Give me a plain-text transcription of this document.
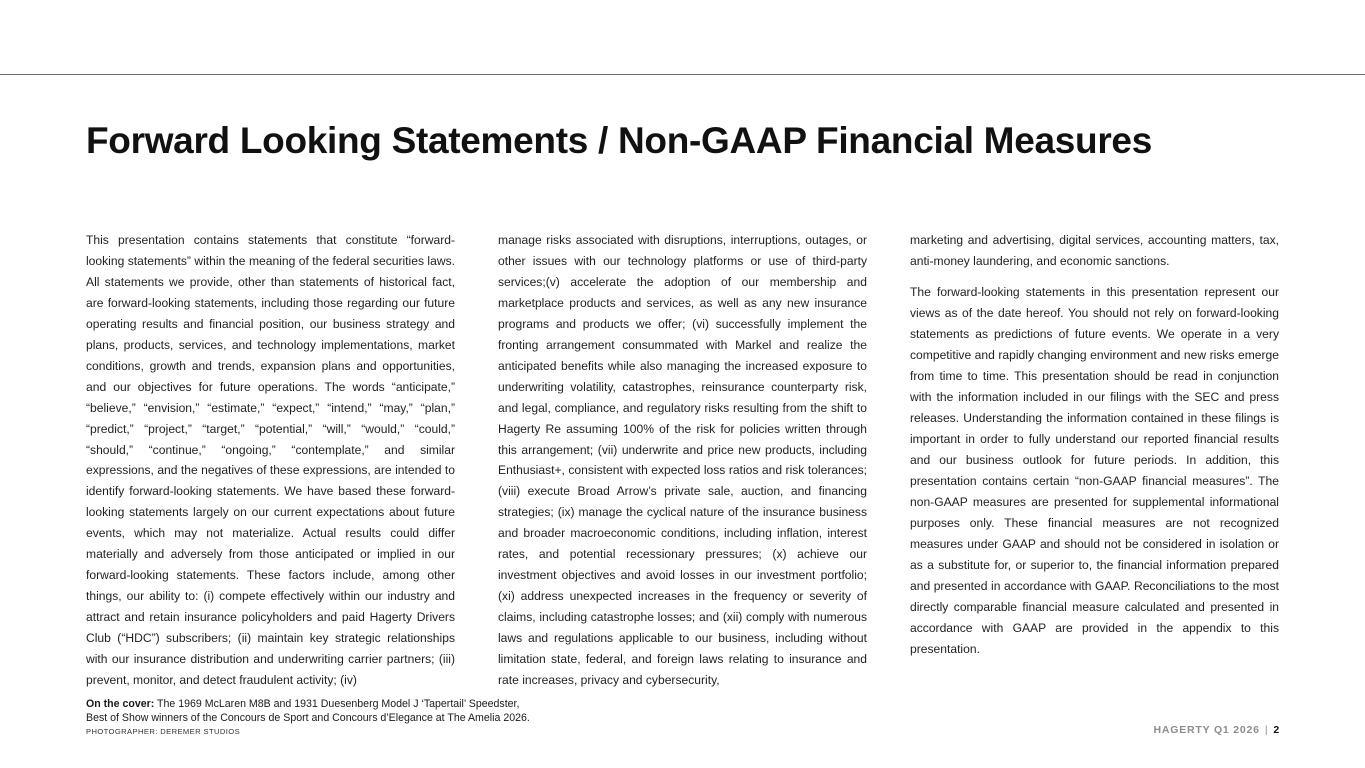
Forward Looking Statements / Non-GAAP Financial Measures

This presentation contains statements that constitute “forward-looking statements” within the meaning of the federal securities laws. All statements we provide, other than statements of historical fact, are forward-looking statements, including those regarding our future operating results and financial position, our business strategy and plans, products, services, and technology implementations, market conditions, growth and trends, expansion plans and opportunities, and our objectives for future operations. The words “anticipate,” “believe,” “envision,” “estimate,” “expect,” “intend,” “may,” “plan,” “predict,” “project,” “target,” “potential,” “will,” “would,” “could,” “should,” “continue,” “ongoing,” “contemplate,” and similar expressions, and the negatives of these expressions, are intended to identify forward-looking statements. We have based these forward-looking statements largely on our current expectations about future events, which may not materialize. Actual results could differ materially and adversely from those anticipated or implied in our forward-looking statements. These factors include, among other things, our ability to: (i) compete effectively within our industry and attract and retain insurance policyholders and paid Hagerty Drivers Club (“HDC”) subscribers; (ii) maintain key strategic relationships with our insurance distribution and underwriting carrier partners; (iii) prevent, monitor, and detect fraudulent activity; (iv)

manage risks associated with disruptions, interruptions, outages, or other issues with our technology platforms or use of third-party services;(v) accelerate the adoption of our membership and marketplace products and services, as well as any new insurance programs and products we offer; (vi) successfully implement the fronting arrangement consummated with Markel and realize the anticipated benefits while also managing the increased exposure to underwriting volatility, catastrophes, reinsurance counterparty risk, and legal, compliance, and regulatory risks resulting from the shift to Hagerty Re assuming 100% of the risk for policies written through this arrangement; (vii) underwrite and price new products, including Enthusiast+, consistent with expected loss ratios and risk tolerances; (viii) execute Broad Arrow’s private sale, auction, and financing strategies; (ix) manage the cyclical nature of the insurance business and broader macroeconomic conditions, including inflation, interest rates, and potential recessionary pressures; (x) achieve our investment objectives and avoid losses in our investment portfolio; (xi) address unexpected increases in the frequency or severity of claims, including catastrophe losses; and (xii) comply with numerous laws and regulations applicable to our business, including without limitation state, federal, and foreign laws relating to insurance and rate increases, privacy and cybersecurity,

marketing and advertising, digital services, accounting matters, tax, anti-money laundering, and economic sanctions.

The forward-looking statements in this presentation represent our views as of the date hereof. You should not rely on forward-looking statements as predictions of future events. We operate in a very competitive and rapidly changing environment and new risks emerge from time to time. This presentation should be read in conjunction with the information included in our filings with the SEC and press releases. Understanding the information contained in these filings is important in order to fully understand our reported financial results and our business outlook for future periods. In addition, this presentation contains certain “non-GAAP financial measures”. The non-GAAP measures are presented for supplemental informational purposes only. These financial measures are not recognized measures under GAAP and should not be considered in isolation or as a substitute for, or superior to, the financial information prepared and presented in accordance with GAAP. Reconciliations to the most directly comparable financial measure calculated and presented in accordance with GAAP are provided in the appendix to this presentation.

On the cover: The 1969 McLaren M8B and 1931 Duesenberg Model J ‘Tapertail’ Speedster,
Best of Show winners of the Concours de Sport and Concours d’Elegance at The Amelia 2026.
PHOTOGRAPHER: DEREMER STUDIOS	HAGERTY Q1 2026 | 2
